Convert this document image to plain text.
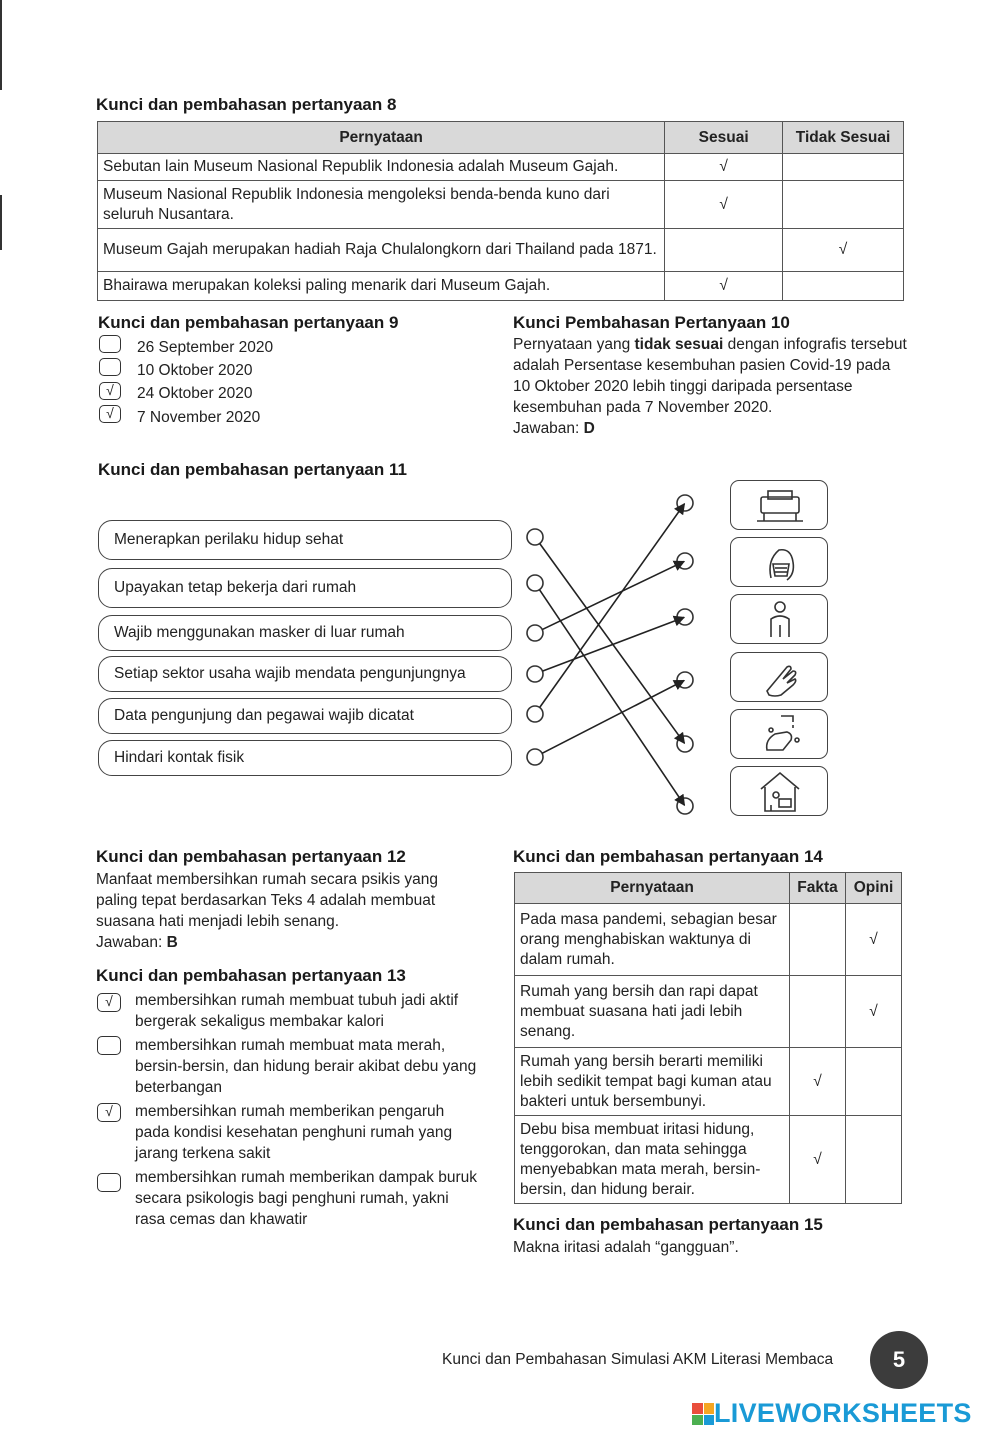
Kunci dan pembahasan pertanyaan 8
Pernyataan	Sesuai	Tidak Sesuai
Sebutan lain Museum Nasional Republik Indonesia adalah Museum Gajah.	√	
Museum Nasional Republik Indonesia mengoleksi benda-benda kuno dari seluruh Nusantara.	√	
Museum Gajah merupakan hadiah Raja Chulalongkorn dari Thailand pada 1871.		√
Bhairawa merupakan koleksi paling menarik dari Museum Gajah.	√	
Kunci dan pembahasan pertanyaan 9
26 September 2020
10 Oktober 2020
√	24 Oktober 2020
√	7 November 2020
Kunci Pembahasan Pertanyaan 10
Pernyataan yang tidak sesuai dengan infografis tersebut adalah Persentase kesembuhan pasien Covid-19 pada 10 Oktober 2020 lebih tinggi daripada persentase kesembuhan pada 7 November 2020.
Jawaban: D
Kunci dan pembahasan pertanyaan 11
Menerapkan perilaku hidup sehat
Upayakan tetap bekerja dari rumah
Wajib menggunakan masker di luar rumah
Setiap sektor usaha wajib mendata pengunjungnya
Data pengunjung dan pegawai wajib dicatat
Hindari kontak fisik
Kunci dan pembahasan pertanyaan 12
Manfaat membersihkan rumah secara psikis yang paling tepat berdasarkan Teks 4 adalah membuat suasana hati menjadi lebih senang.
Jawaban: B
Kunci dan pembahasan pertanyaan 13
√	membersihkan rumah membuat tubuh jadi aktif bergerak sekaligus membakar kalori
membersihkan rumah membuat mata merah, bersin-bersin, dan hidung berair akibat debu yang beterbangan
√	membersihkan rumah memberikan pengaruh pada kondisi kesehatan penghuni rumah yang jarang terkena sakit
membersihkan rumah memberikan dampak buruk secara psikologis bagi penghuni rumah, yakni rasa cemas dan khawatir
Kunci dan pembahasan pertanyaan 14
Pernyataan	Fakta	Opini
Pada masa pandemi, sebagian besar orang menghabiskan waktunya di dalam rumah.		√
Rumah yang bersih dan rapi dapat membuat suasana hati jadi lebih senang.		√
Rumah yang bersih berarti memiliki lebih sedikit tempat bagi kuman atau bakteri untuk bersembunyi.	√	
Debu bisa membuat iritasi hidung, tenggorokan, dan mata sehingga menyebabkan mata merah, bersin-bersin, dan hidung berair.	√	
Kunci dan pembahasan pertanyaan 15
Makna iritasi adalah “gangguan”.
Kunci dan Pembahasan Simulasi AKM Literasi Membaca	5
LIVEWORKSHEETS
